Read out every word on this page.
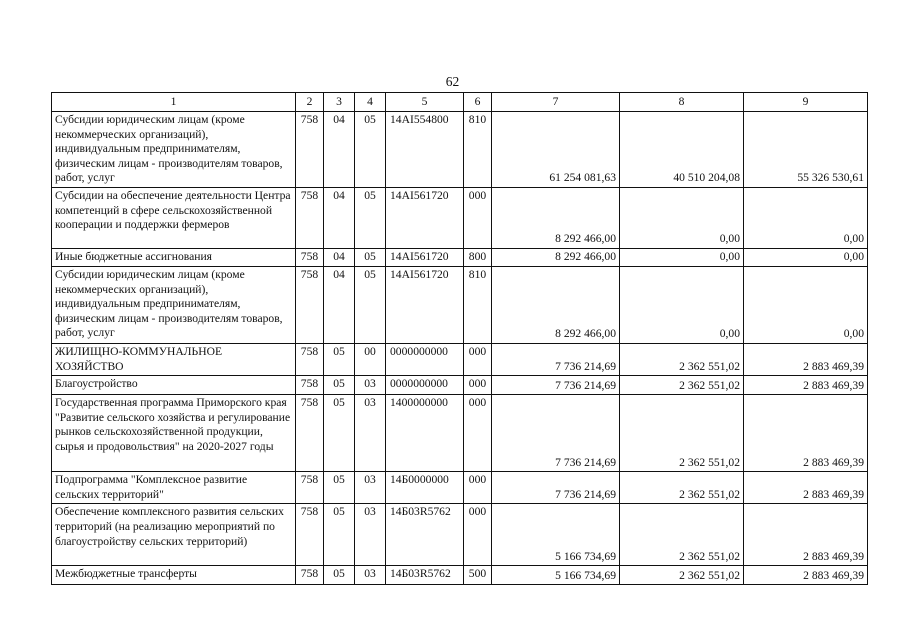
62
1	2	3	4	5	6	7	8	9
Субсидии юридическим лицам (кроме некоммерческих организаций), индивидуальным предпринимателям, физическим лицам - производителям товаров, работ, услуг	758	04	05	14AI554800	810	61 254 081,63	40 510 204,08	55 326 530,61
Субсидии на обеспечение деятельности Центра компетенций в сфере сельскохозяйственной кооперации и поддержки фермеров	758	04	05	14AI561720	000	8 292 466,00	0,00	0,00
Иные бюджетные ассигнования	758	04	05	14AI561720	800	8 292 466,00	0,00	0,00
Субсидии юридическим лицам (кроме некоммерческих организаций), индивидуальным предпринимателям, физическим лицам - производителям товаров, работ, услуг	758	04	05	14AI561720	810	8 292 466,00	0,00	0,00
ЖИЛИЩНО-КОММУНАЛЬНОЕ ХОЗЯЙСТВО	758	05	00	0000000000	000	7 736 214,69	2 362 551,02	2 883 469,39
Благоустройство	758	05	03	0000000000	000	7 736 214,69	2 362 551,02	2 883 469,39
Государственная программа Приморского края "Развитие сельского хозяйства и регулирование рынков сельскохозяйственной продукции, сырья и продовольствия" на 2020-2027 годы	758	05	03	1400000000	000	7 736 214,69	2 362 551,02	2 883 469,39
Подпрограмма "Комплексное развитие сельских территорий"	758	05	03	14Б0000000	000	7 736 214,69	2 362 551,02	2 883 469,39
Обеспечение комплексного развития сельских территорий (на реализацию мероприятий по благоустройству сельских территорий)	758	05	03	14Б03R5762	000	5 166 734,69	2 362 551,02	2 883 469,39
Межбюджетные трансферты	758	05	03	14Б03R5762	500	5 166 734,69	2 362 551,02	2 883 469,39
